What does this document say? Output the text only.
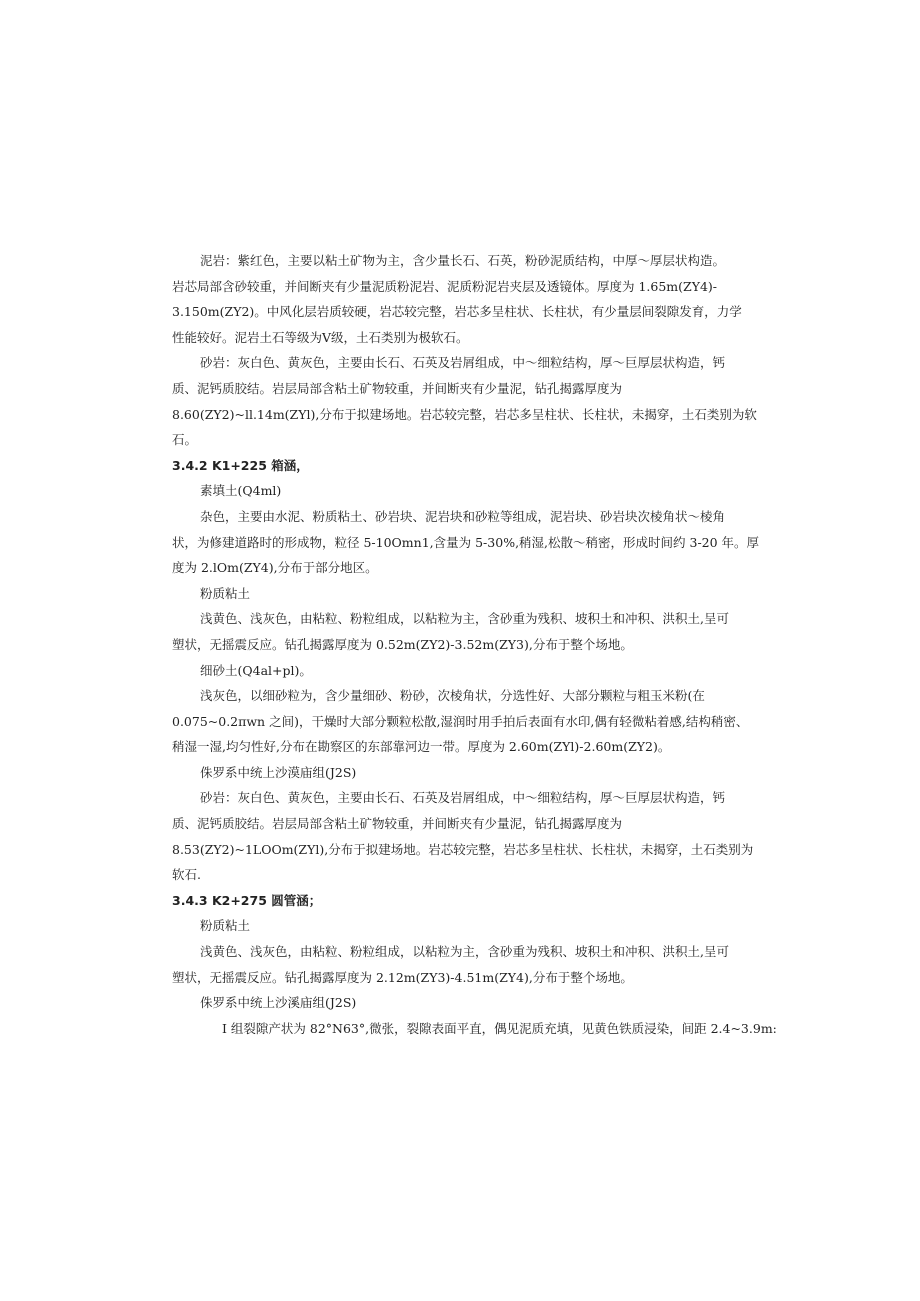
泥岩：紫红色，主要以粘土矿物为主，含少量长石、石英，粉砂泥质结构，中厚～厚层状构造。
岩芯局部含砂较重，并间断夹有少量泥质粉泥岩、泥质粉泥岩夹层及透镜体。厚度为 1.65m(ZY4)-
3.150m(ZY2)。中风化层岩质较硬，岩芯较完整，岩芯多呈柱状、长柱状，有少量层间裂隙发育，力学
性能较好。泥岩土石等级为Ⅴ级，土石类别为极软石。

砂岩：灰白色、黄灰色，主要由长石、石英及岩屑组成，中～细粒结构，厚～巨厚层状构造，钙
质、泥钙质胶结。岩层局部含粘土矿物较重，并间断夹有少量泥，钻孔揭露厚度为
8.60(ZY2)~ll.14m(ZYl),分布于拟建场地。岩芯较完整，岩芯多呈柱状、长柱状，未揭穿，土石类别为软
石。

3.4.2 K1+225 箱涵，

素填土(Q4ml)

杂色，主要由水泥、粉质粘土、砂岩块、泥岩块和砂粒等组成，泥岩块、砂岩块次棱角状～棱角
状，为修建道路时的形成物，粒径 5-10Omn1,含量为 5-30%,稍湿,松散～稍密，形成时间约 3-20 年。厚
度为 2.lOm(ZY4),分布于部分地区。

粉质粘土

浅黄色、浅灰色，由粘粒、粉粒组成，以粘粒为主，含砂重为残积、坡积土和冲积、洪积土,呈可
塑状，无摇震反应。钻孔揭露厚度为 0.52m(ZY2)-3.52m(ZY3),分布于整个场地。

细砂土(Q4al+pl)。

浅灰色，以细砂粒为，含少量细砂、粉砂，次棱角状，分选性好、大部分颗粒与粗玉米粉(在
0.075~0.2πwn 之间)，干燥时大部分颗粒松散,湿润时用手拍后表面有水印,偶有轻微粘着感,结构稍密、
稍湿一湿,均匀性好,分布在勘察区的东部靠河边一带。厚度为 2.60m(ZYl)-2.60m(ZY2)。

侏罗系中统上沙漠庙组(J2S)

砂岩：灰白色、黄灰色，主要由长石、石英及岩屑组成，中～细粒结构，厚～巨厚层状构造，钙
质、泥钙质胶结。岩层局部含粘土矿物较重，并间断夹有少量泥，钻孔揭露厚度为
8.53(ZY2)~1LOOm(ZYl),分布于拟建场地。岩芯较完整，岩芯多呈柱状、长柱状，未揭穿，土石类别为
软石.

3.4.3 K2+275 圆管涵；

粉质粘土

浅黄色、浅灰色，由粘粒、粉粒组成，以粘粒为主，含砂重为残积、坡积土和冲积、洪积土,呈可
塑状，无摇震反应。钻孔揭露厚度为 2.12m(ZY3)-4.51m(ZY4),分布于整个场地。

侏罗系中统上沙溪庙组(J2S)

I 组裂隙产状为 82°N63°,微张，裂隙表面平直，偶见泥质充填，见黄色铁质浸染，间距 2.4~3.9m:
